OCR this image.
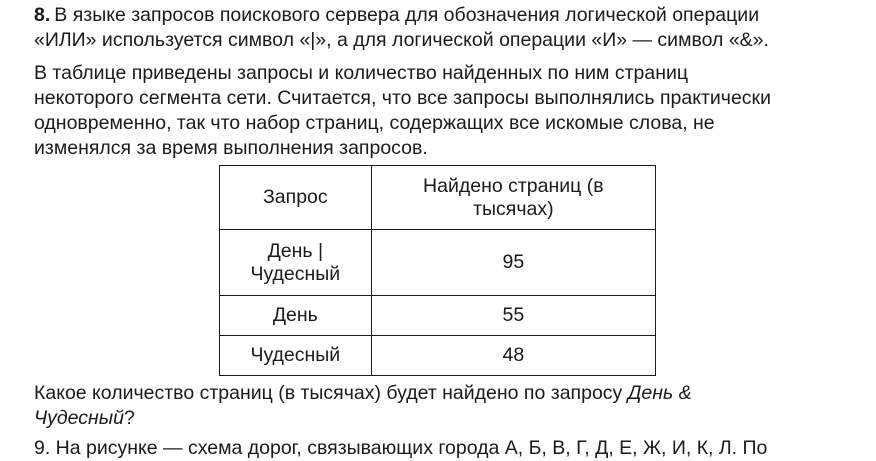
8. В языке запросов поискового сервера для обозначения логической операции
«ИЛИ» используется символ «|», а для логической операции «И» — символ «&».

В таблице приведены запросы и количество найденных по ним страниц
некоторого сегмента сети. Считается, что все запросы выполнялись практически
одновременно, так что набор страниц, содержащих все искомые слова, не
изменялся за время выполнения запросов.

Запрос	Найдено страниц (в
тысячах)

День |
Чудесный	95
День	55
Чудесный	48

Какое количество страниц (в тысячах) будет найдено по запросу День &
Чудесный?

9. На рисунке — схема дорог, связывающих города А, Б, В, Г, Д, Е, Ж, И, К, Л. По
